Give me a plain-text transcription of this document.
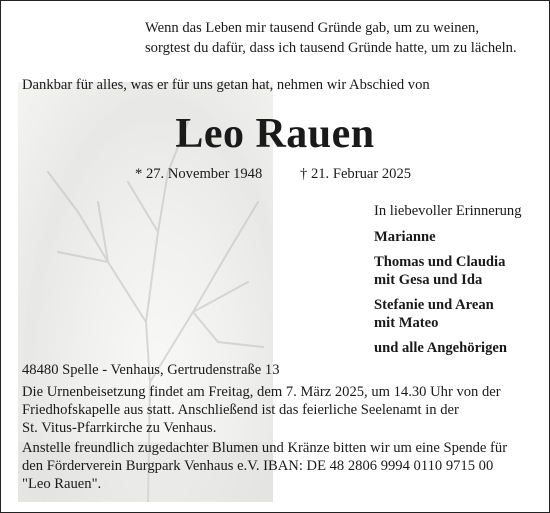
Wenn das Leben mir tausend Gründe gab, um zu weinen,
sorgtest du dafür, dass ich tausend Gründe hatte, um zu lächeln.
Dankbar für alles, was er für uns getan hat, nehmen wir Abschied von
Leo Rauen
* 27. November 1948	† 21. Februar 2025
In liebevoller Erinnerung
Marianne
Thomas und Claudia
mit Gesa und Ida
Stefanie und Arean
mit Mateo
und alle Angehörigen
48480 Spelle - Venhaus, Gertrudenstraße 13
Die Urnenbeisetzung findet am Freitag, dem 7. März 2025, um 14.30 Uhr von der
Friedhofskapelle aus statt. Anschließend ist das feierliche Seelenamt in der
St. Vitus-Pfarrkirche zu Venhaus.
Anstelle freundlich zugedachter Blumen und Kränze bitten wir um eine Spende für
den Förderverein Burgpark Venhaus e.V. IBAN: DE 48 2806 9994 0110 9715 00
"Leo Rauen".
